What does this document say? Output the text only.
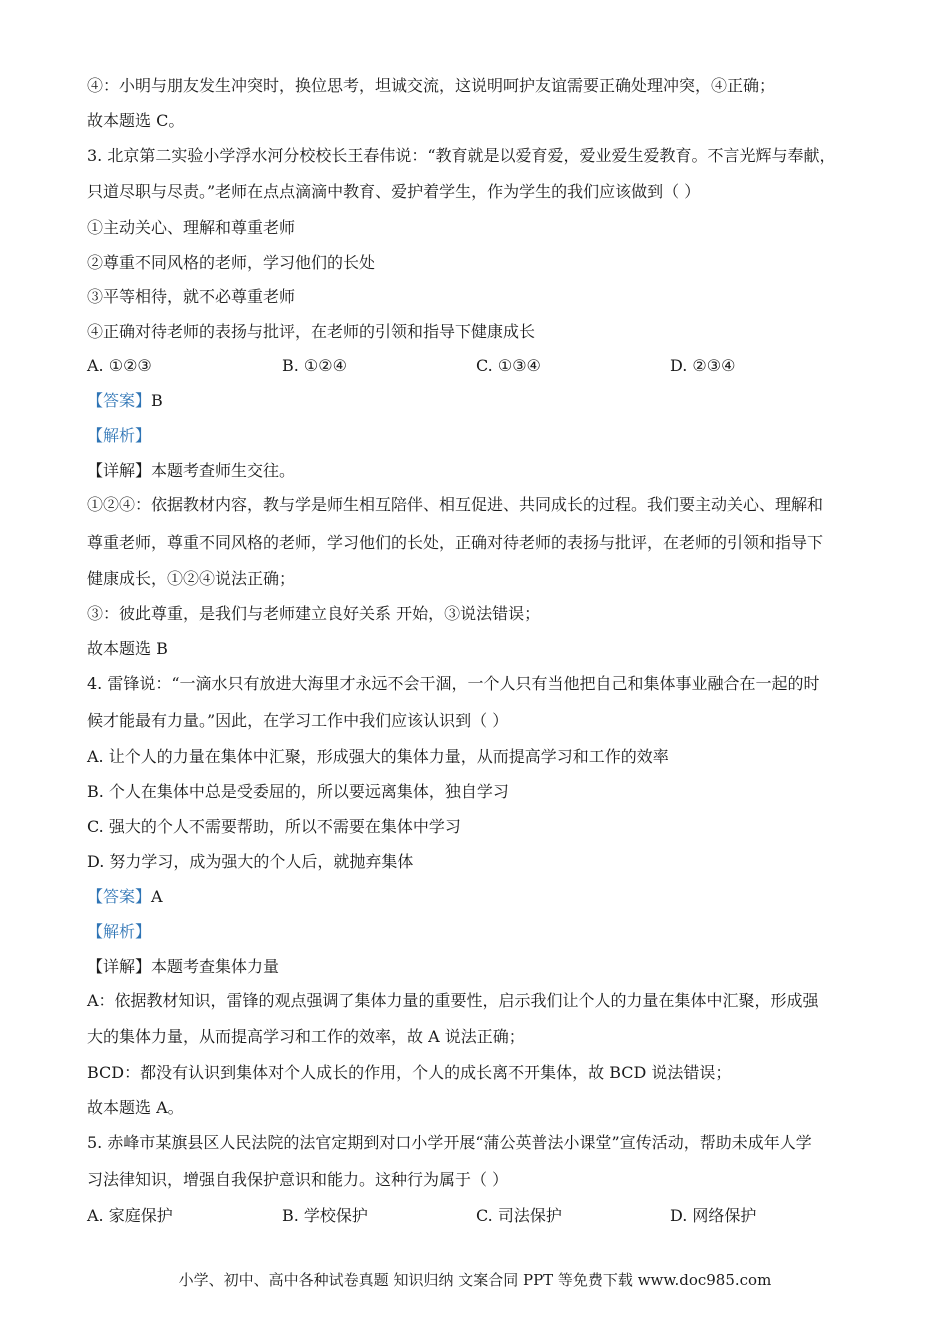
④：小明与朋友发生冲突时，换位思考，坦诚交流，这说明呵护友谊需要正确处理冲突，④正确；
故本题选 C。
3. 北京第二实验小学浮水河分校校长王春伟说：“教育就是以爱育爱，爱业爱生爱教育。不言光辉与奉献，
只道尽职与尽责。”老师在点点滴滴中教育、爱护着学生，作为学生的我们应该做到（ ）
①主动关心、理解和尊重老师
②尊重不同风格的老师，学习他们的长处
③平等相待，就不必尊重老师
④正确对待老师的表扬与批评，在老师的引领和指导下健康成长
A. ①②③	B. ①②④	C. ①③④	D. ②③④
【答案】B
【解析】
【详解】本题考查师生交往。
①②④：依据教材内容，教与学是师生相互陪伴、相互促进、共同成长的过程。我们要主动关心、理解和
尊重老师，尊重不同风格的老师，学习他们的长处，正确对待老师的表扬与批评，在老师的引领和指导下
健康成长，①②④说法正确；
③：彼此尊重，是我们与老师建立良好关系 开始，③说法错误；
故本题选 B
4. 雷锋说：“一滴水只有放进大海里才永远不会干涸，一个人只有当他把自己和集体事业融合在一起的时
候才能最有力量。”因此，在学习工作中我们应该认识到（ ）
A. 让个人的力量在集体中汇聚，形成强大的集体力量，从而提高学习和工作的效率
B. 个人在集体中总是受委屈的，所以要远离集体，独自学习
C. 强大的个人不需要帮助，所以不需要在集体中学习
D. 努力学习，成为强大的个人后，就抛弃集体
【答案】A
【解析】
【详解】本题考查集体力量
A：依据教材知识，雷锋的观点强调了集体力量的重要性，启示我们让个人的力量在集体中汇聚，形成强
大的集体力量，从而提高学习和工作的效率，故 A 说法正确；
BCD：都没有认识到集体对个人成长的作用，个人的成长离不开集体，故 BCD 说法错误；
故本题选 A。
5. 赤峰市某旗县区人民法院的法官定期到对口小学开展“蒲公英普法小课堂”宣传活动，帮助未成年人学
习法律知识，增强自我保护意识和能力。这种行为属于（ ）
A. 家庭保护	B. 学校保护	C. 司法保护	D. 网络保护
小学、初中、高中各种试卷真题 知识归纳 文案合同 PPT 等免费下载 www.doc985.com
